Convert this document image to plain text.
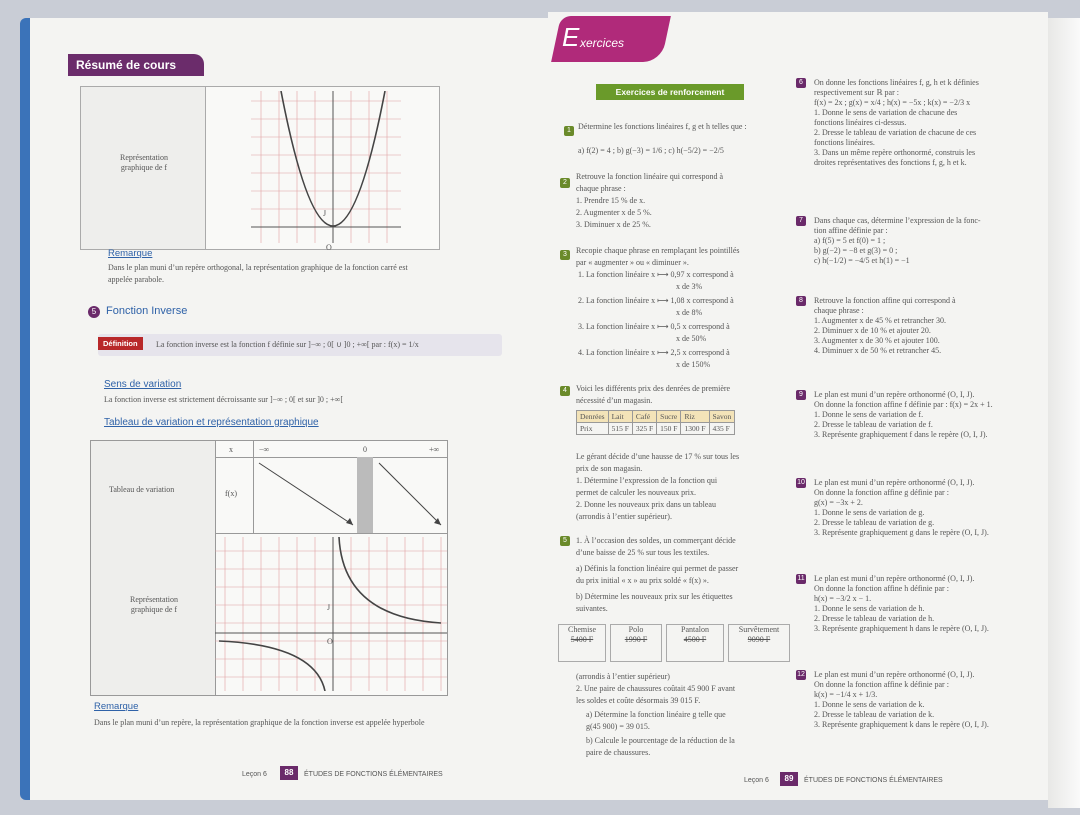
Résumé de cours
Représentation graphique de f
J
O
Remarque
Dans le plan muni d’un repère orthogonal, la représentation graphique de la fonction carré est
appelée parabole.
5 Fonction Inverse
Définition	La fonction inverse est la fonction f définie sur ]−∞ ; 0[ ∪ ]0 ; +∞[ par : f(x) = 1/x
Sens de variation
La fonction inverse est strictement décroissante sur ]−∞ ; 0[ et sur ]0 ; +∞[
Tableau de variation et représentation graphique
Tableau de variation
x	−∞	0	+∞
f(x)
Représentation graphique de f	J
O
Remarque
Dans le plan muni d’un repère, la représentation graphique de la fonction inverse est appelée hyperbole
Leçon 6	88	ÉTUDES DE FONCTIONS ÉLÉMENTAIRES
E xercices
Exercices de renforcement
1 Détermine les fonctions linéaires f, g et h telles que :
a) f(2) = 4 ; b) g(−3) = 1/6 ; c) h(−5/2) = −2/5
2
Retrouve la fonction linéaire qui correspond à
chaque phrase :
1. Prendre 15 % de x.
2. Augmenter x de 5 %.
3. Diminuer x de 25 %.
3	Recopie chaque phrase en remplaçant les pointillés
par « augmenter » ou « diminuer ».
1. La fonction linéaire x ⟼ 0,97 x correspond à
x de 3%
2. La fonction linéaire x ⟼ 1,08 x correspond à
x de 8%
3. La fonction linéaire x ⟼ 0,5 x correspond à
x de 50%
4. La fonction linéaire x ⟼ 2,5 x correspond à
x de 150%
4	Voici les différents prix des denrées de première
nécessité d’un magasin.
Denrées	Lait	Café	Sucre	Riz	Savon
Prix	515 F	325 F	150 F	1300 F	435 F
Le gérant décide d’une hausse de 17 % sur tous les
prix de son magasin.
1. Détermine l’expression de la fonction qui
permet de calculer les nouveaux prix.
2. Donne les nouveaux prix dans un tableau
(arrondis à l’entier supérieur).
5	1. À l’occasion des soldes, un commerçant décide
d’une baisse de 25 % sur tous les textiles.
a) Définis la fonction linéaire qui permet de passer
du prix initial « x » au prix soldé « f(x) ».
b) Détermine les nouveaux prix sur les étiquettes
suivantes.
Chemise
5400 F
Polo
1990 F
Pantalon
4500 F
Survêtement
9090 F
(arrondis à l’entier supérieur)
2. Une paire de chaussures coûtait 45 900 F avant
les soldes et coûte désormais 39 015 F.
a) Détermine la fonction linéaire g telle que
g(45 900) = 39 015.
b) Calcule le pourcentage de la réduction de la
paire de chaussures.
6	On donne les fonctions linéaires f, g, h et k définies
respectivement sur ℝ par :
f(x) = 2x ; g(x) = x/4 ; h(x) = −5x ; k(x) = −2/3 x
1. Donne le sens de variation de chacune des
fonctions linéaires ci-dessus.
2. Dresse le tableau de variation de chacune de ces
fonctions linéaires.
3. Dans un même repère orthonormé, construis les
droites représentatives des fonctions f, g, h et k.
7	Dans chaque cas, détermine l’expression de la fonc-
tion affine définie par :
a) f(5) = 5 et f(0) = 1 ;
b) g(−2) = −8 et g(3) = 0 ;
c) h(−1/2) = −4/5 et h(1) = −1
8	Retrouve la fonction affine qui correspond à
chaque phrase :
1. Augmenter x de 45 % et retrancher 30.
2. Diminuer x de 10 % et ajouter 20.
3. Augmenter x de 30 % et ajouter 100.
4. Diminuer x de 50 % et retrancher 45.
9	Le plan est muni d’un repère orthonormé (O, I, J).
On donne la fonction affine f définie par : f(x) = 2x + 1.
1. Donne le sens de variation de f.
2. Dresse le tableau de variation de f.
3. Représente graphiquement f dans le repère (O, I, J).
10 Le plan est muni d’un repère orthonormé (O, I, J).
On donne la fonction affine g définie par :
g(x) = −3x + 2.
1. Donne le sens de variation de g.
2. Dresse le tableau de variation de g.
3. Représente graphiquement g dans le repère (O, I, J).
11 Le plan est muni d’un repère orthonormé (O, I, J).
On donne la fonction affine h définie par :
h(x) = −3/2 x − 1.
1. Donne le sens de variation de h.
2. Dresse le tableau de variation de h.
3. Représente graphiquement h dans le repère (O, I, J).
12 Le plan est muni d’un repère orthonormé (O, I, J).
On donne la fonction affine k définie par :
k(x) = −1/4 x + 1/3.
1. Donne le sens de variation de k.
2. Dresse le tableau de variation de k.
3. Représente graphiquement k dans le repère (O, I, J).
Leçon 6	89	ÉTUDES DE FONCTIONS ÉLÉMENTAIRES
